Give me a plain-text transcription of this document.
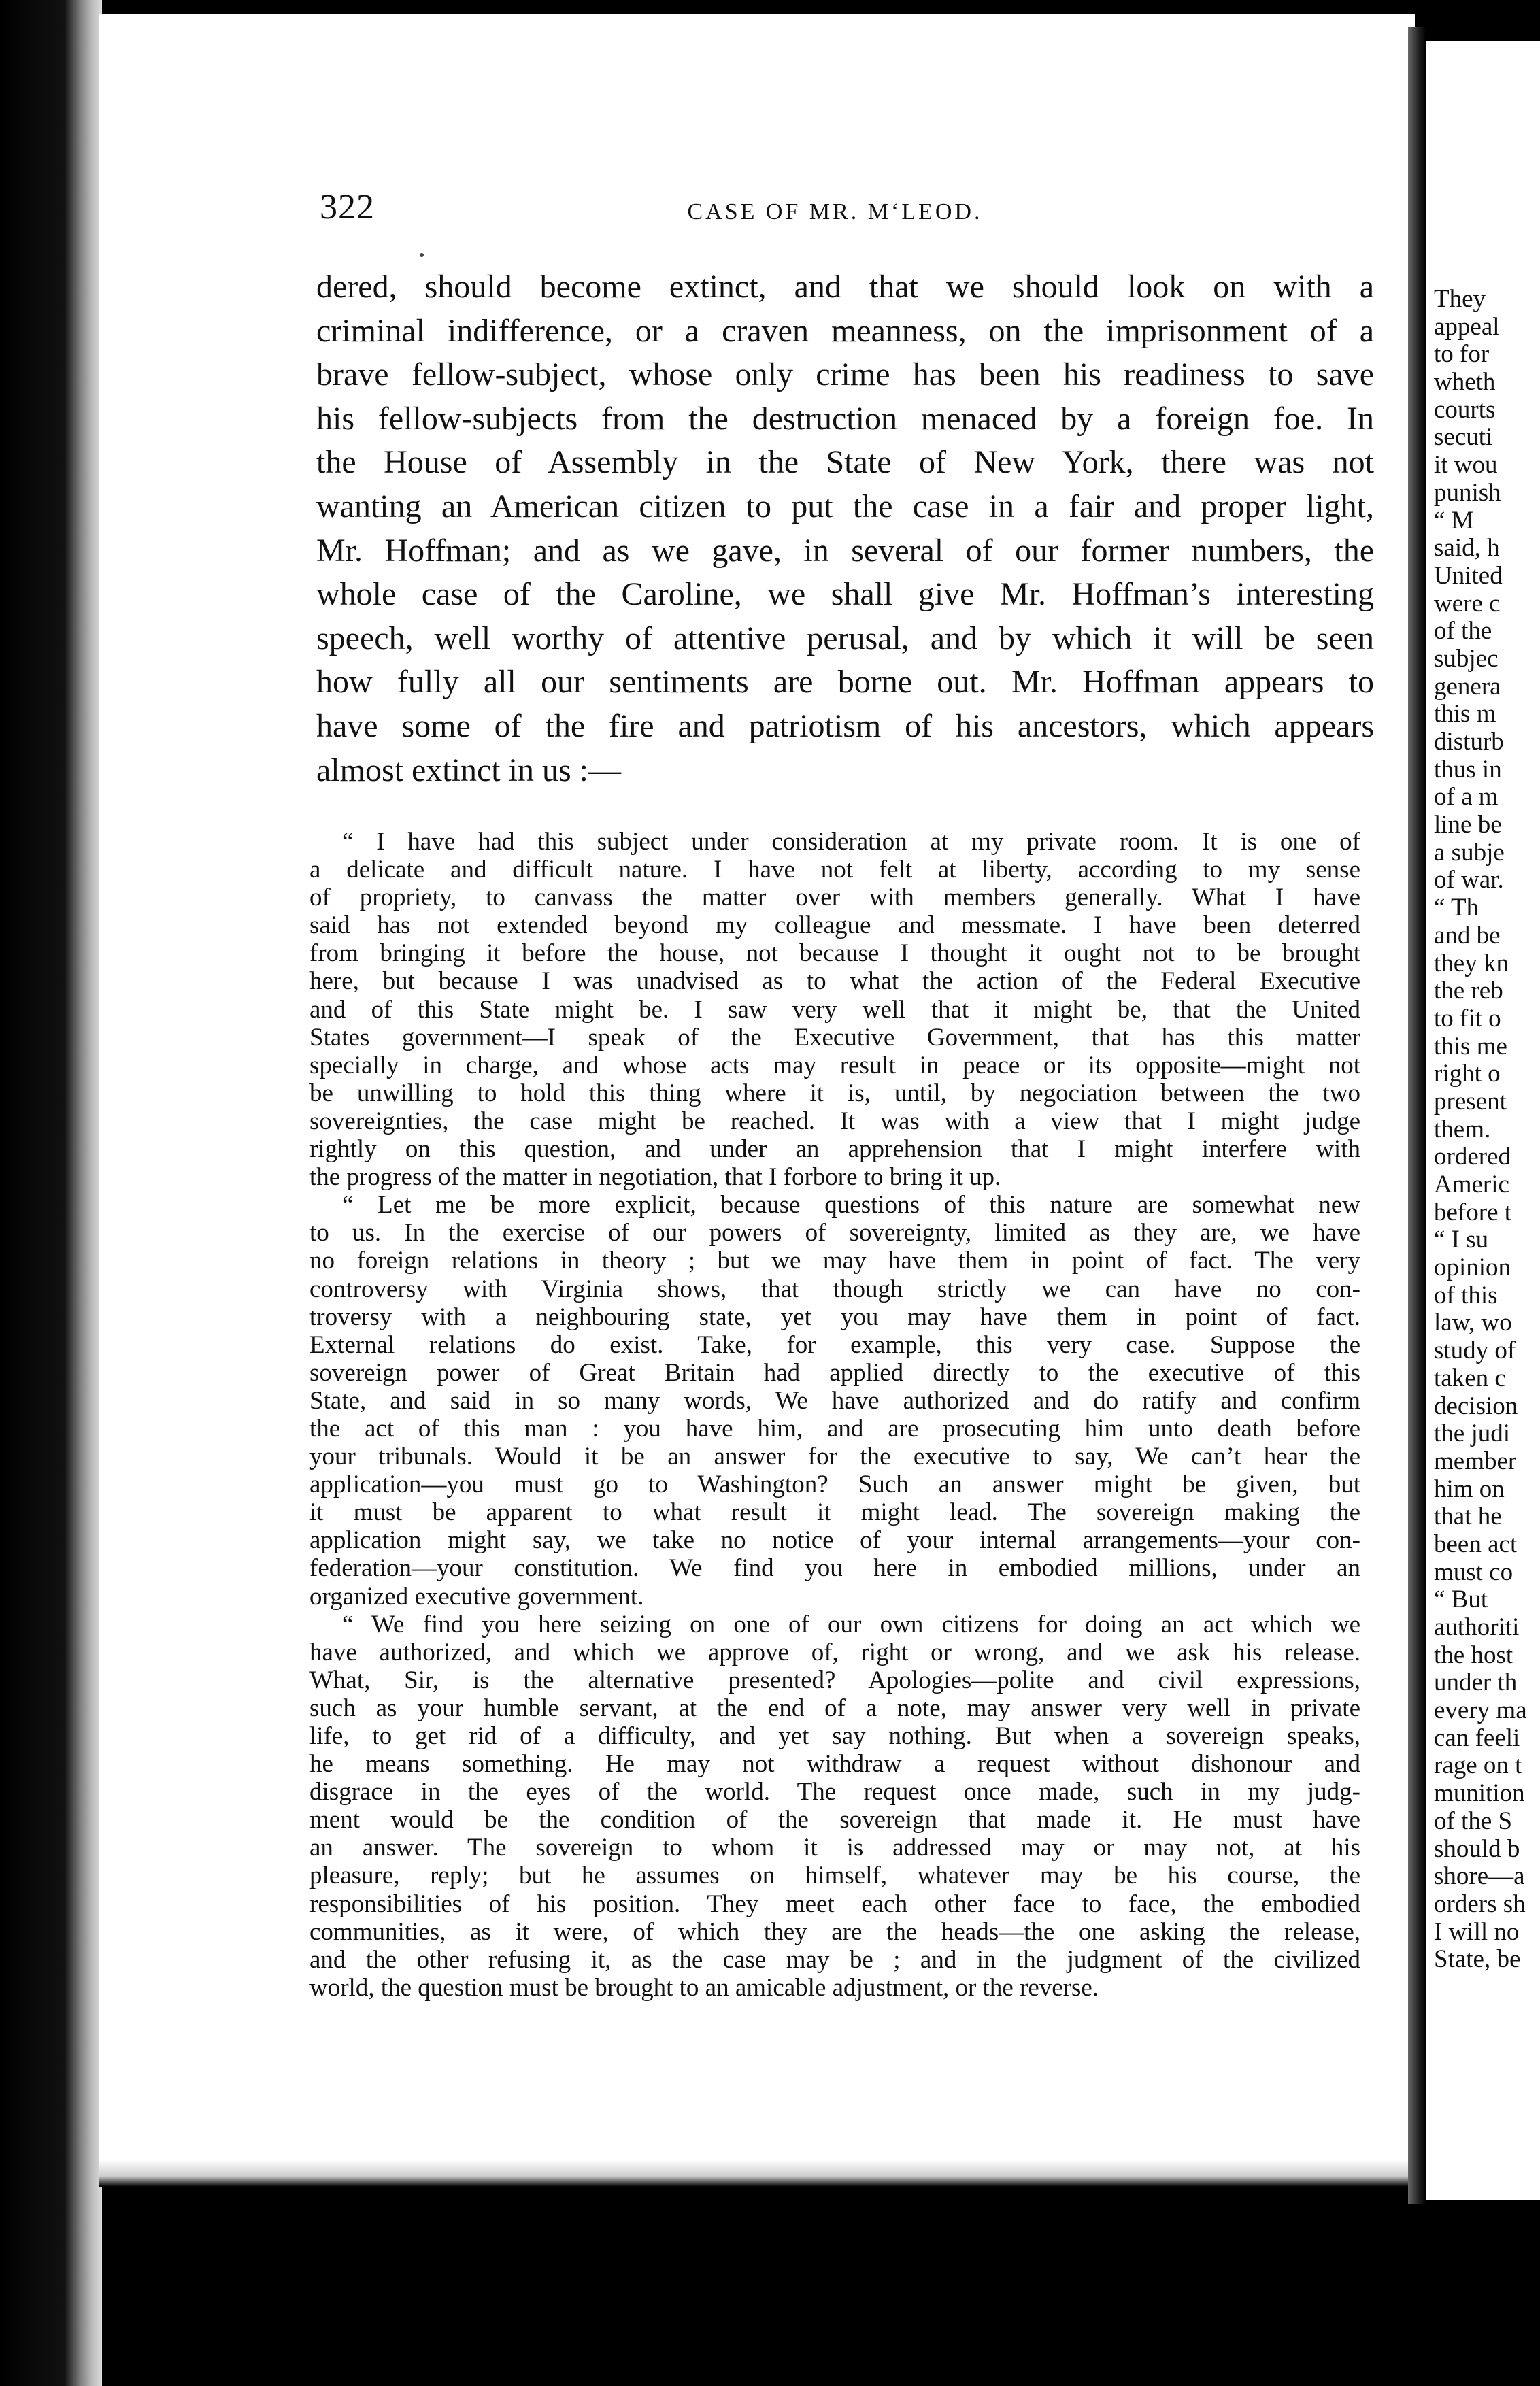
322	CASE OF MR. M‘LEOD.
dered, should become extinct, and that we should look on with a
criminal indifference, or a craven meanness, on the imprisonment of a
brave fellow-subject, whose only crime has been his readiness to save
his fellow-subjects from the destruction menaced by a foreign foe. In
the House of Assembly in the State of New York, there was not
wanting an American citizen to put the case in a fair and proper light,
Mr. Hoffman; and as we gave, in several of our former numbers, the
whole case of the Caroline, we shall give Mr. Hoffman’s interesting
speech, well worthy of attentive perusal, and by which it will be seen
how fully all our sentiments are borne out. Mr. Hoffman appears to
have some of the fire and patriotism of his ancestors, which appears
almost extinct in us :—
“ I have had this subject under consideration at my private room. It is one of
a delicate and difficult nature. I have not felt at liberty, according to my sense
of propriety, to canvass the matter over with members generally. What I have
said has not extended beyond my colleague and messmate. I have been deterred
from bringing it before the house, not because I thought it ought not to be brought
here, but because I was unadvised as to what the action of the Federal Executive
and of this State might be. I saw very well that it might be, that the United
States government—I speak of the Executive Government, that has this matter
specially in charge, and whose acts may result in peace or its opposite—might not
be unwilling to hold this thing where it is, until, by negociation between the two
sovereignties, the case might be reached. It was with a view that I might judge
rightly on this question, and under an apprehension that I might interfere with
the progress of the matter in negotiation, that I forbore to bring it up.
“ Let me be more explicit, because questions of this nature are somewhat new
to us. In the exercise of our powers of sovereignty, limited as they are, we have
no foreign relations in theory ; but we may have them in point of fact. The very
controversy with Virginia shows, that though strictly we can have no con-
troversy with a neighbouring state, yet you may have them in point of fact.
External relations do exist. Take, for example, this very case. Suppose the
sovereign power of Great Britain had applied directly to the executive of this
State, and said in so many words, We have authorized and do ratify and confirm
the act of this man : you have him, and are prosecuting him unto death before
your tribunals. Would it be an answer for the executive to say, We can’t hear the
application—you must go to Washington? Such an answer might be given, but
it must be apparent to what result it might lead. The sovereign making the
application might say, we take no notice of your internal arrangements—your con-
federation—your constitution. We find you here in embodied millions, under an
organized executive government.
“ We find you here seizing on one of our own citizens for doing an act which we
have authorized, and which we approve of, right or wrong, and we ask his release.
What, Sir, is the alternative presented? Apologies—polite and civil expressions,
such as your humble servant, at the end of a note, may answer very well in private
life, to get rid of a difficulty, and yet say nothing. But when a sovereign speaks,
he means something. He may not withdraw a request without dishonour and
disgrace in the eyes of the world. The request once made, such in my judg-
ment would be the condition of the sovereign that made it. He must have
an answer. The sovereign to whom it is addressed may or may not, at his
pleasure, reply; but he assumes on himself, whatever may be his course, the
responsibilities of his position. They meet each other face to face, the embodied
communities, as it were, of which they are the heads—the one asking the release,
and the other refusing it, as the case may be ; and in the judgment of the civilized
world, the question must be brought to an amicable adjustment, or the reverse.
They
appeal
to for
wheth
courts
secuti
it wou
punish
“ M
said, h
United
were c
of the
subjec
genera
this m
disturb
thus in
of a m
line be
a subje
of war.
“ Th
and be
they kn
the reb
to fit o
this me
right o
present
them.
ordered
Americ
before t
“ I su
opinion
of this
law, wo
study of
taken c
decision
the judi
member
him on
that he
been act
must co
“ But
authoriti
the host
under th
every ma
can feeli
rage on t
munition
of the S
should b
shore—a
orders sh
I will no
State, be
